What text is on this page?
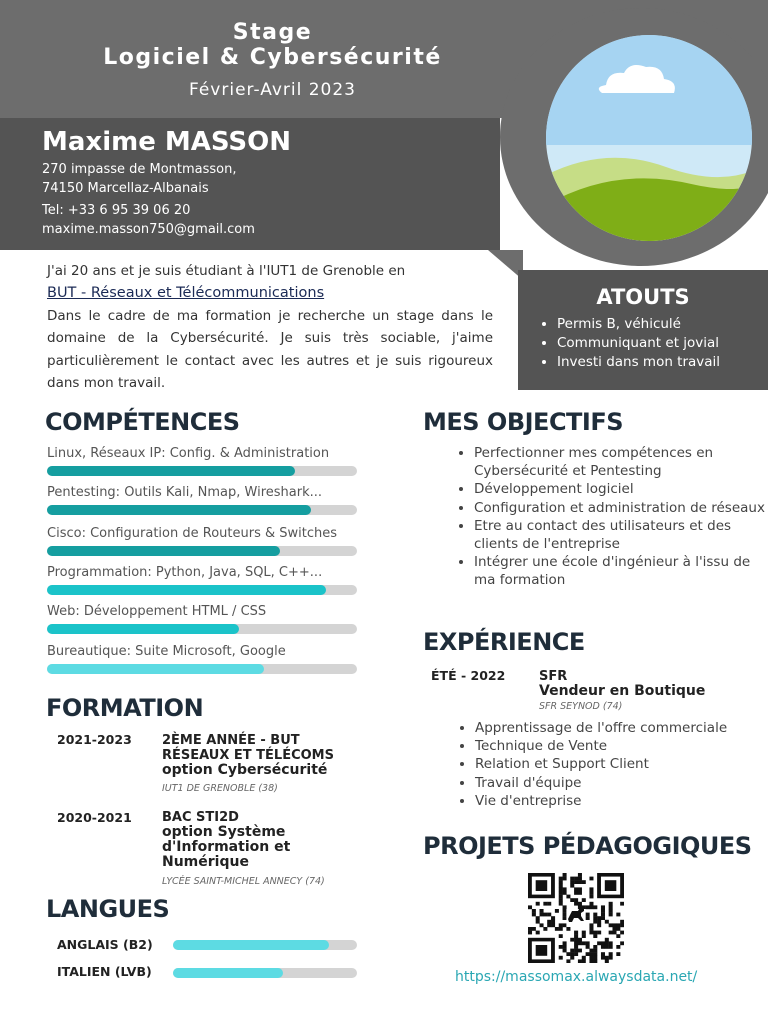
Stage
Logiciel & Cybersécurité
Février-Avril 2023
Maxime MASSON
270 impasse de Montmasson,
74150 Marcellaz-Albanais
Tel: +33 6 95 39 06 20
maxime.masson750@gmail.com
J'ai 20 ans et je suis étudiant à l'IUT1 de Grenoble en
BUT - Réseaux et Télécommunications
Dans le cadre de ma formation je recherche un stage dans le domaine de la Cybersécurité. Je suis très sociable, j'aime particulièrement le contact avec les autres et je suis rigoureux dans mon travail.
ATOUTS
• Permis B, véhiculé
• Communiquant et jovial
• Investi dans mon travail
COMPÉTENCES
Linux, Réseaux IP: Config. & Administration
Pentesting: Outils Kali, Nmap, Wireshark...
Cisco: Configuration de Routeurs & Switches
Programmation: Python, Java, SQL, C++...
Web: Développement HTML / CSS
Bureautique: Suite Microsoft, Google
FORMATION
2021-2023 2ÈME ANNÉE - BUT
RÉSEAUX ET TÉLÉCOMS
option Cybersécurité
IUT1 DE GRENOBLE (38)
2020-2021 BAC STI2D
option Système
d'Information et
Numérique
LYCÉE SAINT-MICHEL ANNECY (74)
LANGUES
ANGLAIS (B2)
ITALIEN (LVB)
MES OBJECTIFS
• Perfectionner mes compétences en Cybersécurité et Pentesting
• Développement logiciel
• Configuration et administration de réseaux
• Etre au contact des utilisateurs et des clients de l'entreprise
• Intégrer une école d'ingénieur à l'issu de ma formation
EXPÉRIENCE
ÉTÉ - 2022	SFR
Vendeur en Boutique
SFR SEYNOD (74)
• Apprentissage de l'offre commerciale
• Technique de Vente
• Relation et Support Client
• Travail d'équipe
• Vie d'entreprise
PROJETS PÉDAGOGIQUES
https://massomax.alwaysdata.net/
